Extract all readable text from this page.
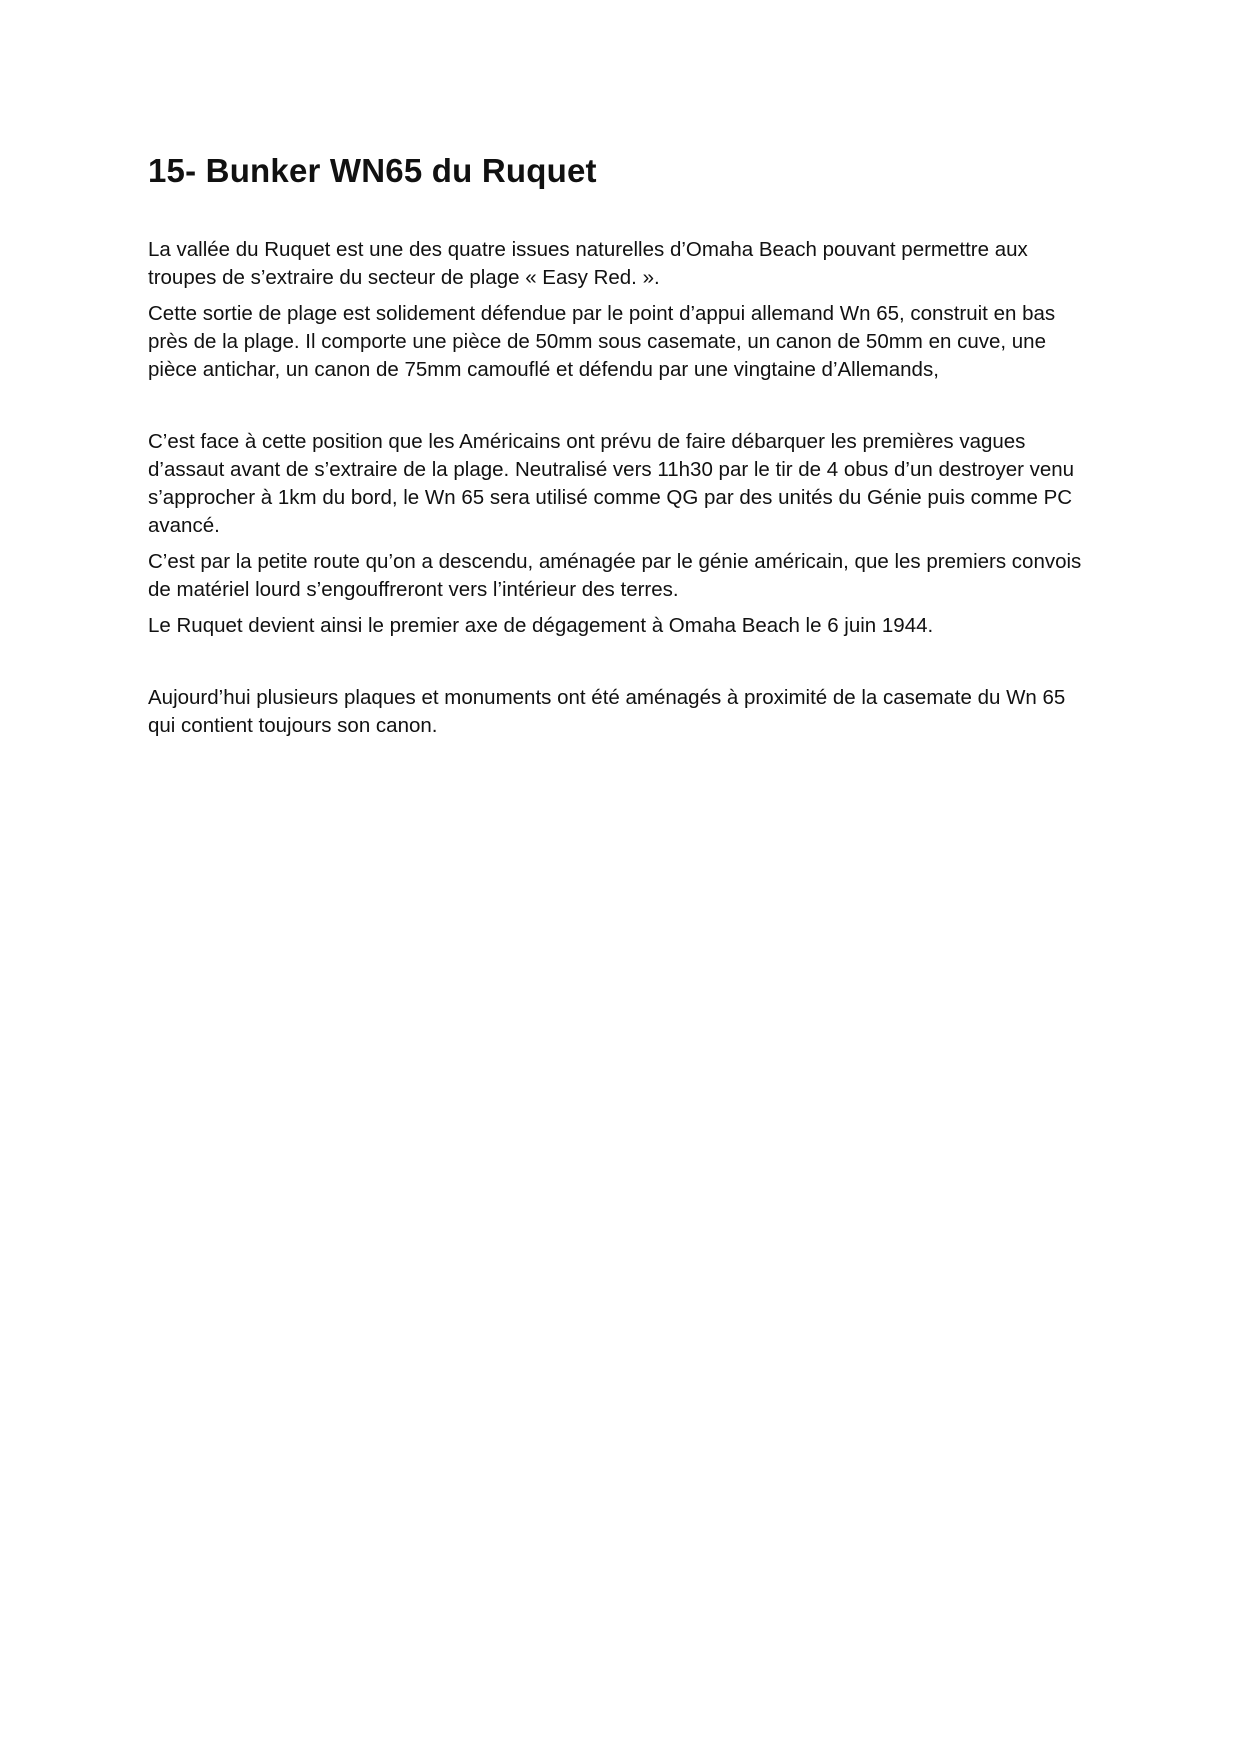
15- Bunker WN65 du Ruquet

La vallée du Ruquet est une des quatre issues naturelles d’Omaha Beach pouvant permettre aux troupes de s’extraire du secteur de plage « Easy Red. ».

Cette sortie de plage est solidement défendue par le point d’appui allemand Wn 65, construit en bas près de la plage. Il comporte une pièce de 50mm sous casemate, un canon de 50mm en cuve, une pièce antichar, un canon de 75mm camouflé et défendu par une vingtaine d’Allemands,

C’est face à cette position que les Américains ont prévu de faire débarquer les premières vagues d’assaut avant de s’extraire de la plage. Neutralisé vers 11h30 par le tir de 4 obus d’un destroyer venu s’approcher à 1km du bord, le Wn 65 sera utilisé comme QG par des unités du Génie puis comme PC avancé.

C’est par la petite route qu’on a descendu, aménagée par le génie américain, que les premiers convois de matériel lourd s’engouffreront vers l’intérieur des terres.

Le Ruquet devient ainsi le premier axe de dégagement à Omaha Beach le 6 juin 1944.

Aujourd’hui plusieurs plaques et monuments ont été aménagés à proximité de la casemate du Wn 65 qui contient toujours son canon.
